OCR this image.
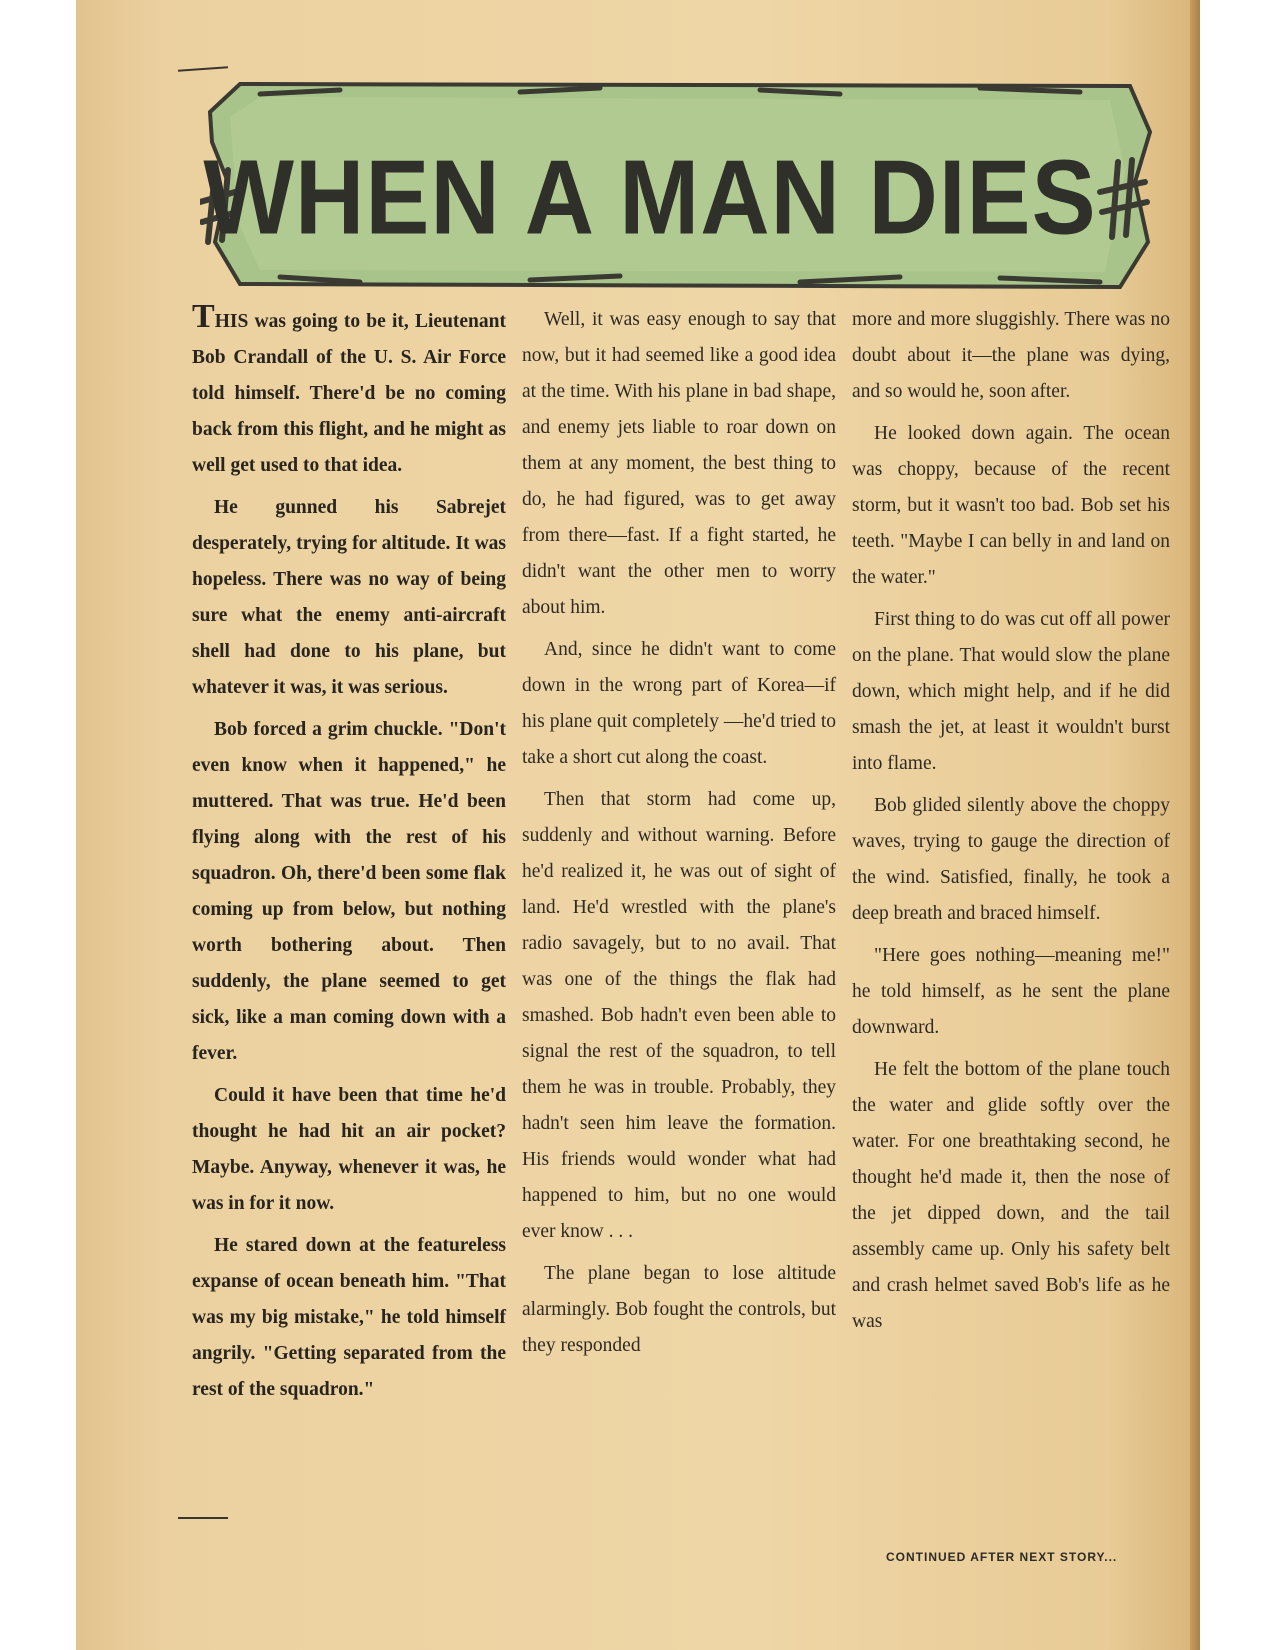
WHEN A MAN DIES

THIS was going to be it, Lieutenant Bob Crandall of the U. S. Air Force told himself. There'd be no coming back from this flight, and he might as well get used to that idea.

He gunned his Sabrejet desperately, trying for altitude. It was hopeless. There was no way of being sure what the enemy anti-aircraft shell had done to his plane, but whatever it was, it was serious.

Bob forced a grim chuckle. "Don't even know when it happened," he muttered. That was true. He'd been flying along with the rest of his squadron. Oh, there'd been some flak coming up from below, but nothing worth bothering about. Then suddenly, the plane seemed to get sick, like a man coming down with a fever.

Could it have been that time he'd thought he had hit an air pocket? Maybe. Anyway, whenever it was, he was in for it now.

He stared down at the featureless expanse of ocean beneath him. "That was my big mistake," he told himself angrily. "Getting separated from the rest of the squadron."

Well, it was easy enough to say that now, but it had seemed like a good idea at the time. With his plane in bad shape, and enemy jets liable to roar down on them at any moment, the best thing to do, he had figured, was to get away from there—fast. If a fight started, he didn't want the other men to worry about him.

And, since he didn't want to come down in the wrong part of Korea—if his plane quit completely —he'd tried to take a short cut along the coast.

Then that storm had come up, suddenly and without warning. Before he'd realized it, he was out of sight of land. He'd wrestled with the plane's radio savagely, but to no avail. That was one of the things the flak had smashed. Bob hadn't even been able to signal the rest of the squadron, to tell them he was in trouble. Probably, they hadn't seen him leave the formation. His friends would wonder what had happened to him, but no one would ever know . . .

The plane began to lose altitude alarmingly. Bob fought the controls, but they responded

more and more sluggishly. There was no doubt about it—the plane was dying, and so would he, soon after.

He looked down again. The ocean was choppy, because of the recent storm, but it wasn't too bad. Bob set his teeth. "Maybe I can belly in and land on the water."

First thing to do was cut off all power on the plane. That would slow the plane down, which might help, and if he did smash the jet, at least it wouldn't burst into flame.

Bob glided silently above the choppy waves, trying to gauge the direction of the wind. Satisfied, finally, he took a deep breath and braced himself.

"Here goes nothing—meaning me!" he told himself, as he sent the plane downward.

He felt the bottom of the plane touch the water and glide softly over the water. For one breathtaking second, he thought he'd made it, then the nose of the jet dipped down, and the tail assembly came up. Only his safety belt and crash helmet saved Bob's life as he was

CONTINUED AFTER NEXT STORY...
